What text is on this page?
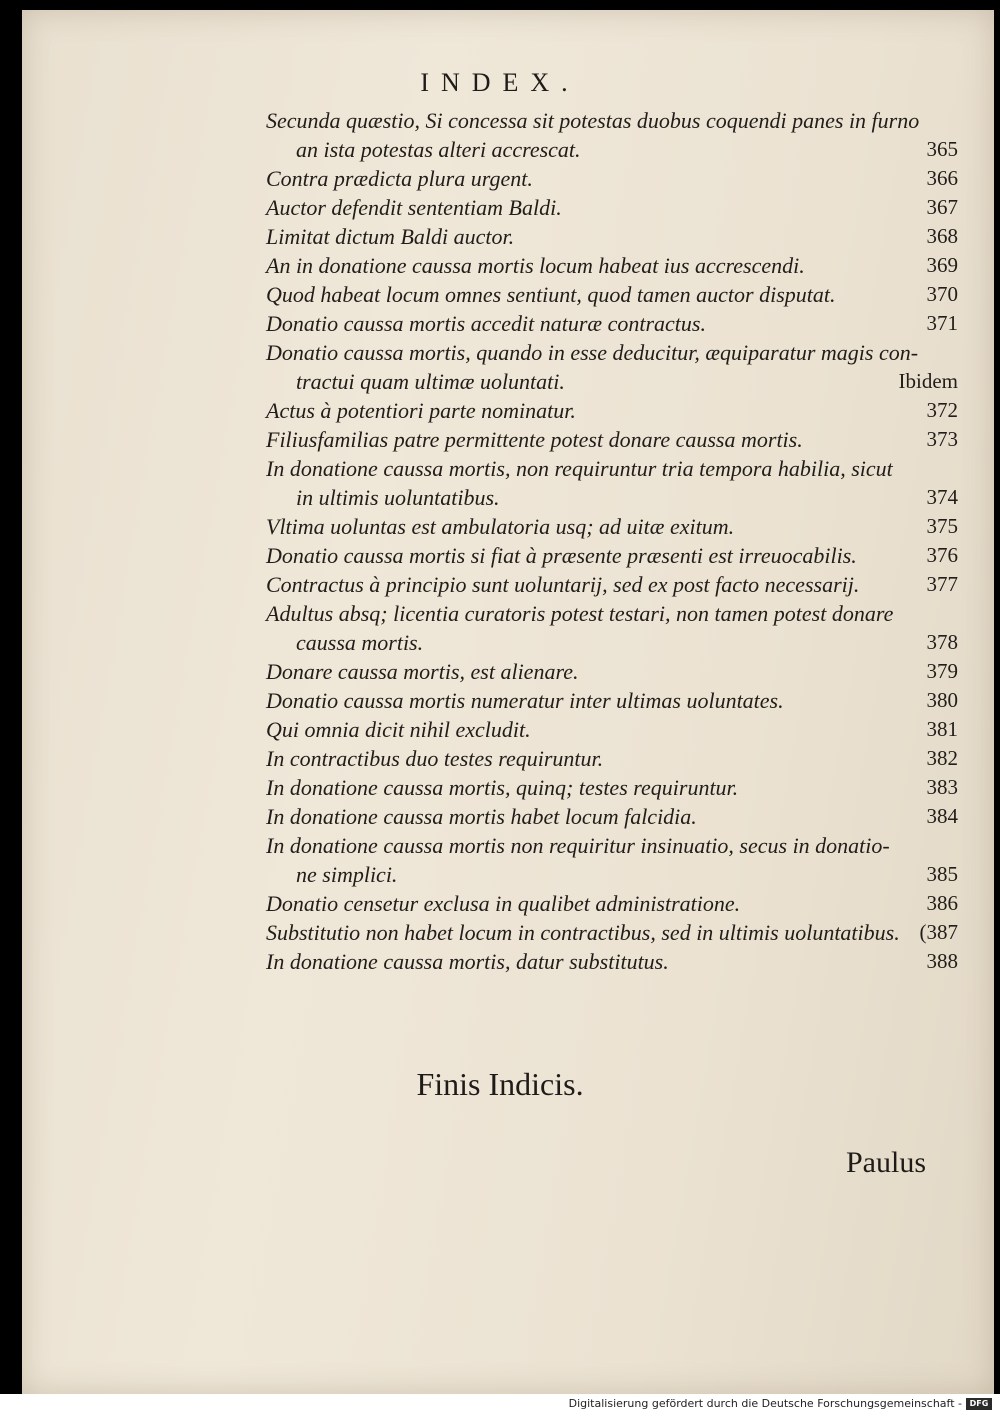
INDEX.
Secunda quæstio, Si concessa sit potestas duobus coquendi panes in furno
an ista potestas alteri accrescat.	365
Contra prædicta plura urgent.	366
Auctor defendit sententiam Baldi.	367
Limitat dictum Baldi auctor.	368
An in donatione caussa mortis locum habeat ius accrescendi.	369
Quod habeat locum omnes sentiunt, quod tamen auctor disputat.	370
Donatio caussa mortis accedit naturæ contractus.	371
Donatio caussa mortis, quando in esse deducitur, æquiparatur magis con-
tractui quam ultimæ uoluntati.	Ibidem
Actus à potentiori parte nominatur.	372
Filiusfamilias patre permittente potest donare caussa mortis.	373
In donatione caussa mortis, non requiruntur tria tempora habilia, sicut
in ultimis uoluntatibus.	374
Vltima uoluntas est ambulatoria usq; ad uitæ exitum.	375
Donatio caussa mortis si fiat à præsente præsenti est irreuocabilis.	376
Contractus à principio sunt uoluntarij, sed ex post facto necessarij.	377
Adultus absq; licentia curatoris potest testari, non tamen potest donare
caussa mortis.	378
Donare caussa mortis, est alienare.	379
Donatio caussa mortis numeratur inter ultimas uoluntates.	380
Qui omnia dicit nihil excludit.	381
In contractibus duo testes requiruntur.	382
In donatione caussa mortis, quinq; testes requiruntur.	383
In donatione caussa mortis habet locum falcidia.	384
In donatione caussa mortis non requiritur insinuatio, secus in donatio-
ne simplici.	385
Donatio censetur exclusa in qualibet administratione.	386
Substitutio non habet locum in contractibus, sed in ultimis uoluntatibus. (387
In donatione caussa mortis, datur substitutus.	388
Finis Indicis.
Paulus
Digitalisierung gefördert durch die Deutsche Forschungsgemeinschaft - DFG
